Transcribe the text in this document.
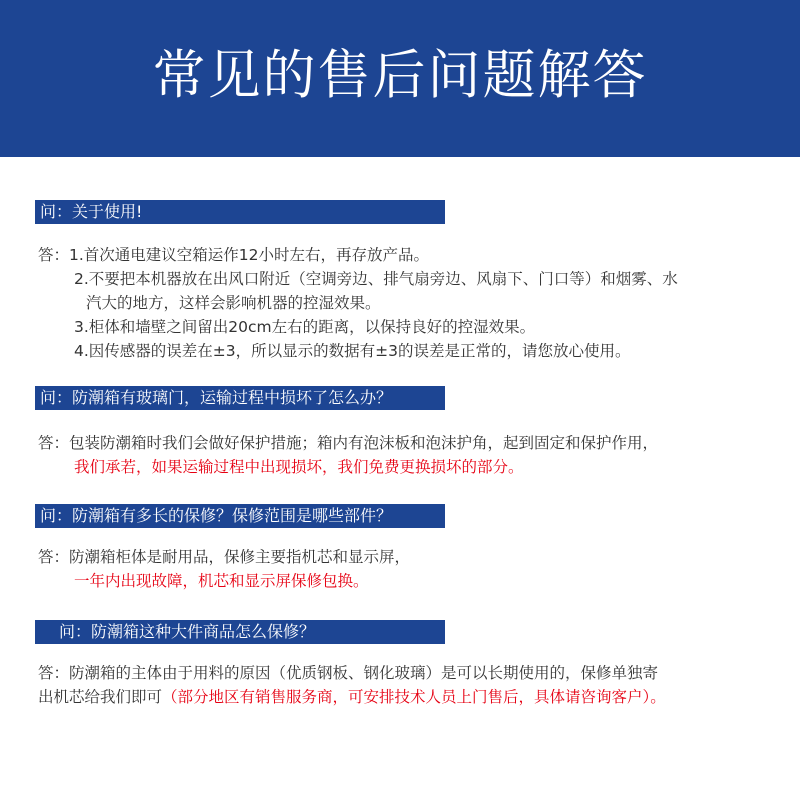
常见的售后问题解答
问：关于使用!
答：1.首次通电建议空箱运作12小时左右，再存放产品。
2.不要把本机器放在出风口附近（空调旁边、排气扇旁边、风扇下、门口等）和烟雾、水
汽大的地方，这样会影响机器的控湿效果。
3.柜体和墙壁之间留出20cm左右的距离，以保持良好的控湿效果。
4.因传感器的误差在±3，所以显示的数据有±3的误差是正常的，请您放心使用。
问：防潮箱有玻璃门，运输过程中损坏了怎么办？
答：包装防潮箱时我们会做好保护措施；箱内有泡沫板和泡沫护角，起到固定和保护作用，
我们承若，如果运输过程中出现损坏，我们免费更换损坏的部分。
问：防潮箱有多长的保修？保修范围是哪些部件？
答：防潮箱柜体是耐用品，保修主要指机芯和显示屏，
一年内出现故障，机芯和显示屏保修包换。
问：防潮箱这种大件商品怎么保修？
答：防潮箱的主体由于用料的原因（优质钢板、钢化玻璃）是可以长期使用的，保修单独寄
出机芯给我们即可（部分地区有销售服务商，可安排技术人员上门售后，具体请咨询客户）。
